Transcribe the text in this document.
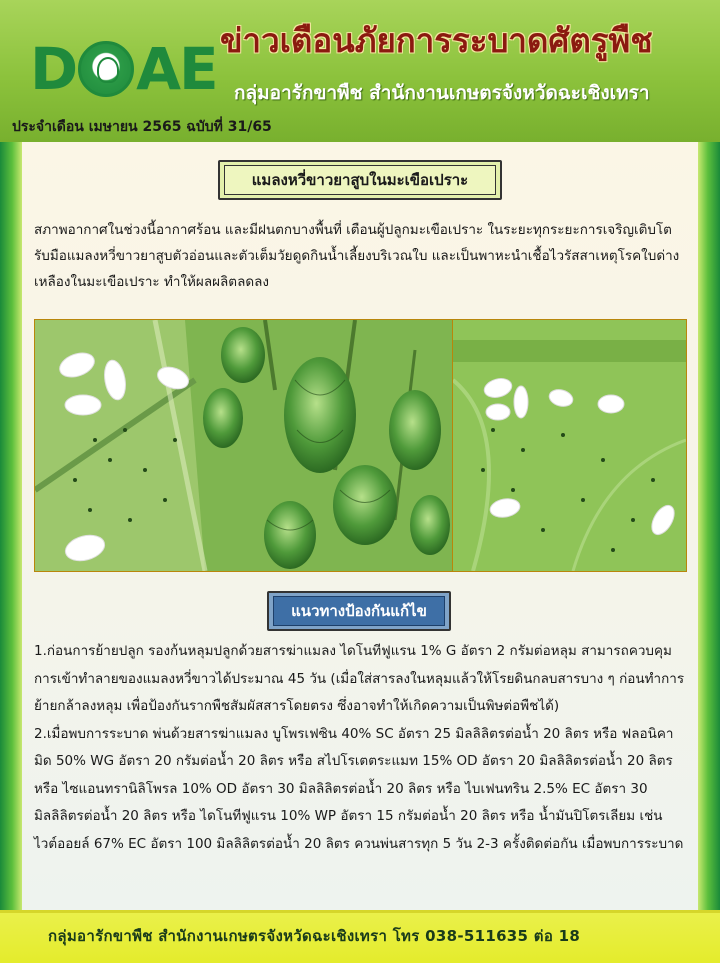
D AE ข่าวเตือนภัยการระบาดศัตรูพืช
กลุ่มอารักขาพืช สำนักงานเกษตรจังหวัดฉะเชิงเทรา
ประจำเดือน เมษายน 2565 ฉบับที่ 31/65
แมลงหวี่ขาวยาสูบในมะเขือเปราะ

สภาพอากาศในช่วงนี้อากาศร้อน และมีฝนตกบางพื้นที่ เตือนผู้ปลูกมะเขือเปราะ ในระยะทุกระยะการเจริญเติบโต รับมือแมลงหวี่ขาวยาสูบตัวอ่อนและตัวเต็มวัยดูดกินน้ำเลี้ยงบริเวณใบ และเป็นพาหะนำเชื้อไวรัสสาเหตุโรคใบด่างเหลืองในมะเขือเปราะ ทำให้ผลผลิตลดลง

แนวทางป้องกันแก้ไข

1.ก่อนการย้ายปลูก รองก้นหลุมปลูกด้วยสารฆ่าแมลง ไดโนทีฟูแรน 1% G อัตรา 2 กรัมต่อหลุม สามารถควบคุมการเข้าทำลายของแมลงหวี่ขาวได้ประมาณ 45 วัน (เมื่อใส่สารลงในหลุมแล้วให้โรยดินกลบสารบาง ๆ ก่อนทำการย้ายกล้าลงหลุม เพื่อป้องกันรากพืชสัมผัสสารโดยตรง ซึ่งอาจทำให้เกิดความเป็นพิษต่อพืชได้)

2.เมื่อพบการระบาด พ่นด้วยสารฆ่าแมลง บูโพรเฟซิน 40% SC อัตรา 25 มิลลิลิตรต่อน้ำ 20 ลิตร หรือ ฟลอนิคามิด 50% WG อัตรา 20 กรัมต่อน้ำ 20 ลิตร หรือ สไปโรเตตระแมท 15% OD อัตรา 20 มิลลิลิตรต่อน้ำ 20 ลิตร หรือ ไซแอนทรานิลิโพรล 10% OD อัตรา 30 มิลลิลิตรต่อน้ำ 20 ลิตร หรือ ไบเฟนทริน 2.5% EC อัตรา 30 มิลลิลิตรต่อน้ำ 20 ลิตร หรือ ไดโนทีฟูแรน 10% WP อัตรา 15 กรัมต่อน้ำ 20 ลิตร หรือ น้ำมันปิโตรเลียม เช่น ไวต์ออยล์ 67% EC อัตรา 100 มิลลิลิตรต่อน้ำ 20 ลิตร ควนพ่นสารทุก 5 วัน 2-3 ครั้งติดต่อกัน เมื่อพบการระบาด

กลุ่มอารักขาพืช สำนักงานเกษตรจังหวัดฉะเชิงเทรา โทร 038-511635 ต่อ 18
